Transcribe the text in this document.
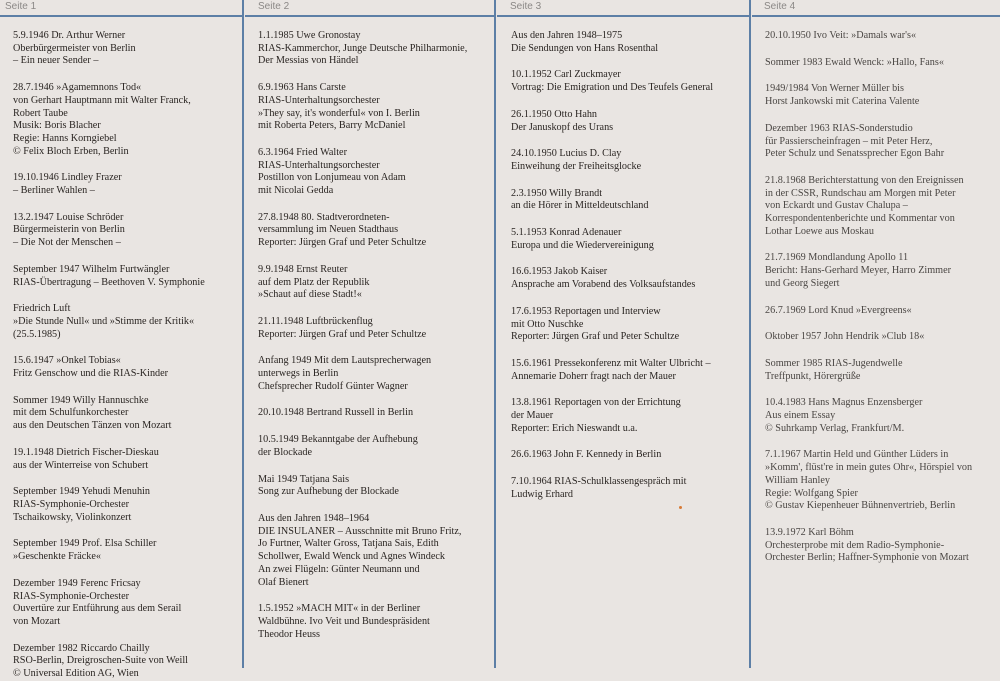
Seite 1
5.9.1946 Dr. Arthur Werner
Oberbürgermeister von Berlin
– Ein neuer Sender –
28.7.1946 »Agamemnons Tod«
von Gerhart Hauptmann mit Walter Franck,
Robert Taube
Musik: Boris Blacher
Regie: Hanns Korngiebel
© Felix Bloch Erben, Berlin
19.10.1946 Lindley Frazer
– Berliner Wahlen –
13.2.1947 Louise Schröder
Bürgermeisterin von Berlin
– Die Not der Menschen –
September 1947 Wilhelm Furtwängler
RIAS-Übertragung – Beethoven V. Symphonie
Friedrich Luft
»Die Stunde Null« und »Stimme der Kritik«
(25.5.1985)
15.6.1947 »Onkel Tobias«
Fritz Genschow und die RIAS-Kinder
Sommer 1949 Willy Hannuschke
mit dem Schulfunkorchester
aus den Deutschen Tänzen von Mozart
19.1.1948 Dietrich Fischer-Dieskau
aus der Winterreise von Schubert
September 1949 Yehudi Menuhin
RIAS-Symphonie-Orchester
Tschaikowsky, Violinkonzert
September 1949 Prof. Elsa Schiller
»Geschenkte Fräcke«
Dezember 1949 Ferenc Fricsay
RIAS-Symphonie-Orchester
Ouvertüre zur Entführung aus dem Serail
von Mozart
Dezember 1982 Riccardo Chailly
RSO-Berlin, Dreigroschen-Suite von Weill
© Universal Edition AG, Wien
Seite 2
1.1.1985 Uwe Gronostay
RIAS-Kammerchor, Junge Deutsche Philharmonie,
Der Messias von Händel
6.9.1963 Hans Carste
RIAS-Unterhaltungsorchester
»They say, it's wonderful« von I. Berlin
mit Roberta Peters, Barry McDaniel
6.3.1964 Fried Walter
RIAS-Unterhaltungsorchester
Postillon von Lonjumeau von Adam
mit Nicolai Gedda
27.8.1948 80. Stadtverordneten-
versammlung im Neuen Stadthaus
Reporter: Jürgen Graf und Peter Schultze
9.9.1948 Ernst Reuter
auf dem Platz der Republik
»Schaut auf diese Stadt!«
21.11.1948 Luftbrückenflug
Reporter: Jürgen Graf und Peter Schultze
Anfang 1949 Mit dem Lautsprecherwagen
unterwegs in Berlin
Chefsprecher Rudolf Günter Wagner
20.10.1948 Bertrand Russell in Berlin
10.5.1949 Bekanntgabe der Aufhebung
der Blockade
Mai 1949 Tatjana Sais
Song zur Aufhebung der Blockade
Aus den Jahren 1948–1964
DIE INSULANER – Ausschnitte mit Bruno Fritz,
Jo Furtner, Walter Gross, Tatjana Sais, Edith
Schollwer, Ewald Wenck und Agnes Windeck
An zwei Flügeln: Günter Neumann und
Olaf Bienert
1.5.1952 »MACH MIT« in der Berliner
Waldbühne. Ivo Veit und Bundespräsident
Theodor Heuss
Seite 3
Aus den Jahren 1948–1975
Die Sendungen von Hans Rosenthal
10.1.1952 Carl Zuckmayer
Vortrag: Die Emigration und Des Teufels General
26.1.1950 Otto Hahn
Der Januskopf des Urans
24.10.1950 Lucius D. Clay
Einweihung der Freiheitsglocke
2.3.1950 Willy Brandt
an die Hörer in Mitteldeutschland
5.1.1953 Konrad Adenauer
Europa und die Wiedervereinigung
16.6.1953 Jakob Kaiser
Ansprache am Vorabend des Volksaufstandes
17.6.1953 Reportagen und Interview
mit Otto Nuschke
Reporter: Jürgen Graf und Peter Schultze
15.6.1961 Pressekonferenz mit Walter Ulbricht –
Annemarie Doherr fragt nach der Mauer
13.8.1961 Reportagen von der Errichtung
der Mauer
Reporter: Erich Nieswandt u.a.
26.6.1963 John F. Kennedy in Berlin
7.10.1964 RIAS-Schulklassengespräch mit
Ludwig Erhard
Seite 4
20.10.1950 Ivo Veit: »Damals war's«
Sommer 1983 Ewald Wenck: »Hallo, Fans«
1949/1984 Von Werner Müller bis
Horst Jankowski mit Caterina Valente
Dezember 1963 RIAS-Sonderstudio
für Passierscheinfragen – mit Peter Herz,
Peter Schulz und Senatssprecher Egon Bahr
21.8.1968 Berichterstattung von den Ereignissen
in der CSSR, Rundschau am Morgen mit Peter
von Eckardt und Gustav Chalupa –
Korrespondentenberichte und Kommentar von
Lothar Loewe aus Moskau
21.7.1969 Mondlandung Apollo 11
Bericht: Hans-Gerhard Meyer, Harro Zimmer
und Georg Siegert
26.7.1969 Lord Knud »Evergreens«
Oktober 1957 John Hendrik »Club 18«
Sommer 1985 RIAS-Jugendwelle
Treffpunkt, Hörergrüße
10.4.1983 Hans Magnus Enzensberger
Aus einem Essay
© Suhrkamp Verlag, Frankfurt/M.
7.1.1967 Martin Held und Günther Lüders in
»Komm', flüst're in mein gutes Ohr«, Hörspiel von
William Hanley
Regie: Wolfgang Spier
© Gustav Kiepenheuer Bühnenvertrieb, Berlin
13.9.1972 Karl Böhm
Orchesterprobe mit dem Radio-Symphonie-
Orchester Berlin; Haffner-Symphonie von Mozart
